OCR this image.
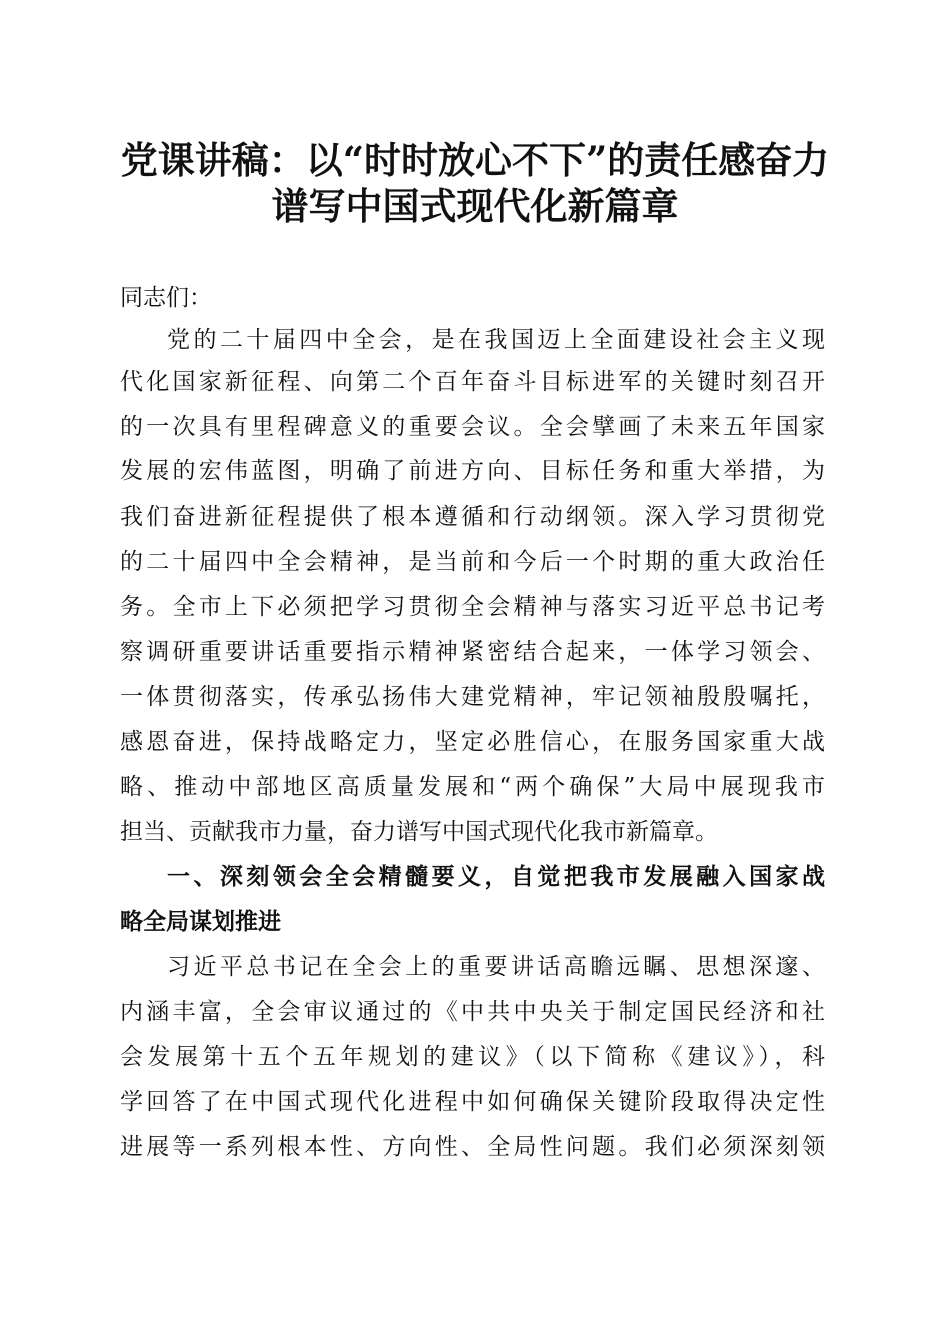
党课讲稿：以“时时放心不下”的责任感奋力
谱写中国式现代化新篇章
同志们：
党的二十届四中全会，是在我国迈上全面建设社会主义现
代化国家新征程、向第二个百年奋斗目标进军的关键时刻召开
的一次具有里程碑意义的重要会议。全会擘画了未来五年国家
发展的宏伟蓝图，明确了前进方向、目标任务和重大举措，为
我们奋进新征程提供了根本遵循和行动纲领。深入学习贯彻党
的二十届四中全会精神，是当前和今后一个时期的重大政治任
务。全市上下必须把学习贯彻全会精神与落实习近平总书记考
察调研重要讲话重要指示精神紧密结合起来，一体学习领会、
一体贯彻落实，传承弘扬伟大建党精神，牢记领袖殷殷嘱托，
感恩奋进，保持战略定力，坚定必胜信心，在服务国家重大战
略、推动中部地区高质量发展和“两个确保”大局中展现我市
担当、贡献我市力量，奋力谱写中国式现代化我市新篇章。
一、深刻领会全会精髓要义，自觉把我市发展融入国家战
略全局谋划推进
习近平总书记在全会上的重要讲话高瞻远瞩、思想深邃、
内涵丰富，全会审议通过的《中共中央关于制定国民经济和社
会发展第十五个五年规划的建议》（以下简称《建议》），科
学回答了在中国式现代化进程中如何确保关键阶段取得决定性
进展等一系列根本性、方向性、全局性问题。我们必须深刻领
